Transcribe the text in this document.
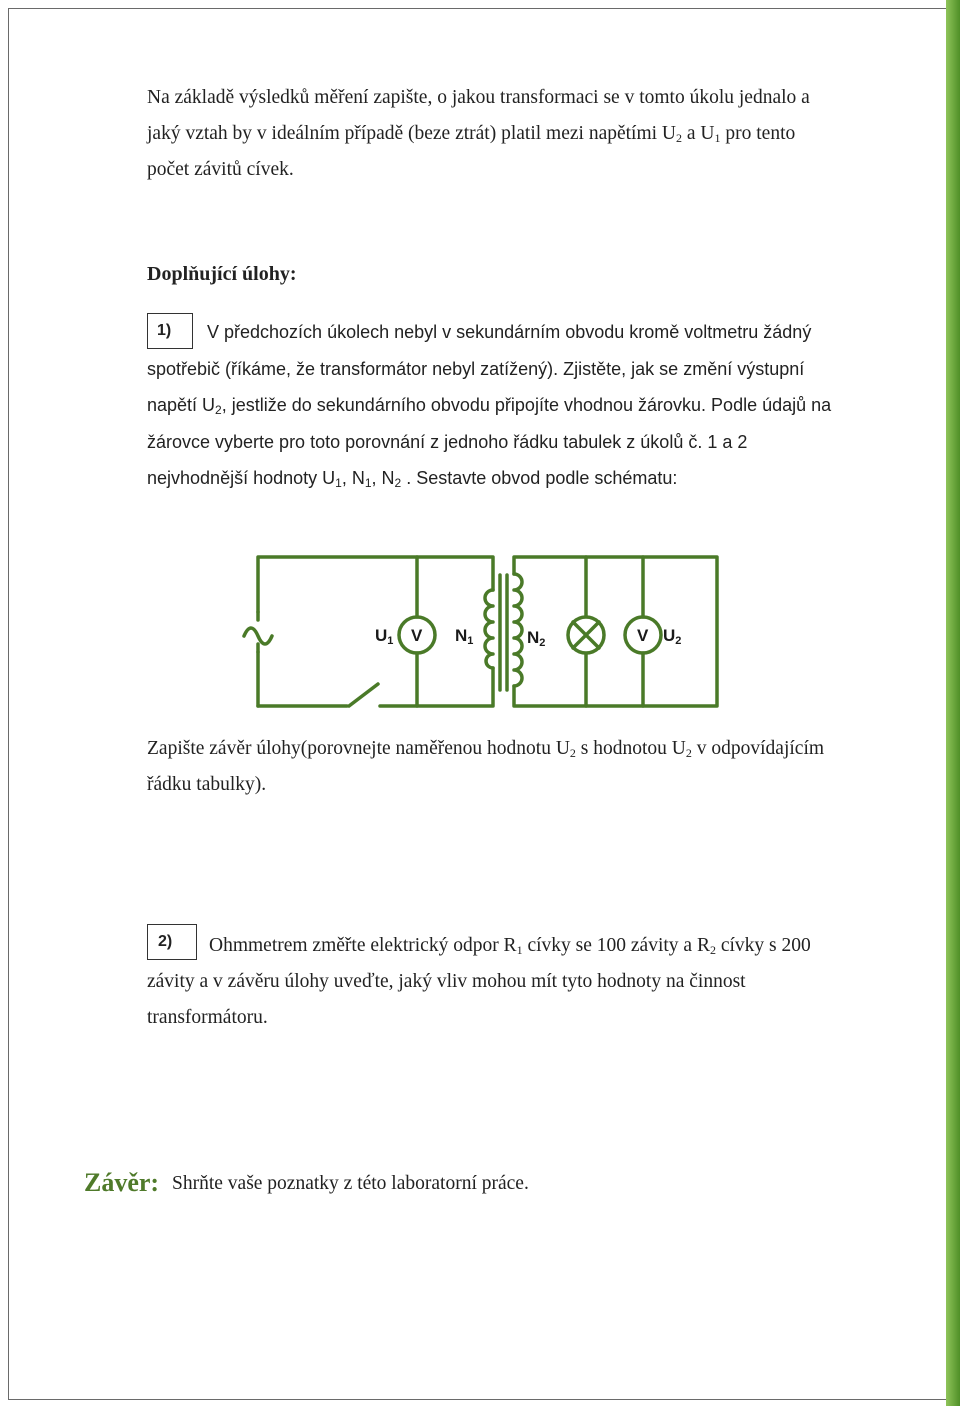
Na základě výsledků měření zapište, o jakou transformaci se v tomto úkolu jednalo a
jaký vztah by v ideálním případě (beze ztrát) platil mezi napětími $U_2$ a $U_1$ pro tento
počet závitů cívek.

Doplňující úlohy:

1)	V předchozích úkolech nebyl v sekundárním obvodu kromě voltmetru žádný
spotřebič (říkáme, že transformátor nebyl zatížený). Zjistěte, jak se změní výstupní
napětí $U_2$, jestliže do sekundárního obvodu připojíte vhodnou žárovku. Podle údajů na
žárovce vyberte pro toto porovnání z jednoho řádku tabulek z úkolů č. 1 a 2
nejvhodnější hodnoty $U_1$, $N_1$, $N_2$ . Sestavte obvod podle schématu:

U1 V N1	N2	V U2

Zapište závěr úlohy(porovnejte naměřenou hodnotu $U_2$ s hodnotou $U_2$ v odpovídajícím
řádku tabulky).

2)	Ohmmetrem změřte elektrický odpor $R_1$ cívky se 100 závity a $R_2$ cívky s 200
závity a v závěru úlohy uveďte, jaký vliv mohou mít tyto hodnoty na činnost
transformátoru.

Závěr: Shrňte vaše poznatky z této laboratorní práce.
